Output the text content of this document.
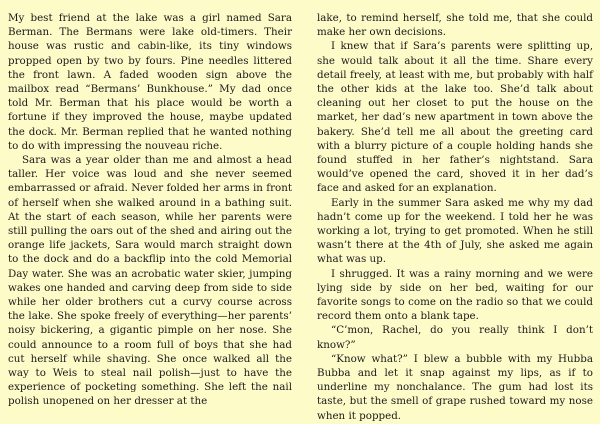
My best friend at the lake was a girl named Sara Berman. The Bermans were lake old-timers. Their house was rustic and cabin-like, its tiny windows propped open by two by fours. Pine needles littered the front lawn. A faded wooden sign above the mailbox read “Bermans’ Bunkhouse.” My dad once told Mr. Berman that his place would be worth a fortune if they improved the house, maybe updated the dock. Mr. Berman replied that he wanted nothing to do with impressing the nouveau riche.

Sara was a year older than me and almost a head taller. Her voice was loud and she never seemed embarrassed or afraid. Never folded her arms in front of herself when she walked around in a bathing suit. At the start of each season, while her parents were still pulling the oars out of the shed and airing out the orange life jackets, Sara would march straight down to the dock and do a backflip into the cold Memorial Day water. She was an acrobatic water skier, jumping wakes one handed and carving deep from side to side while her older brothers cut a curvy course across the lake. She spoke freely of everything—her parents’ noisy bickering, a gigantic pimple on her nose. She could announce to a room full of boys that she had cut herself while shaving. She once walked all the way to Weis to steal nail polish—just to have the experience of pocketing something. She left the nail polish unopened on her dresser at the

lake, to remind herself, she told me, that she could make her own decisions.

I knew that if Sara’s parents were splitting up, she would talk about it all the time. Share every detail freely, at least with me, but probably with half the other kids at the lake too. She’d talk about cleaning out her closet to put the house on the market, her dad’s new apartment in town above the bakery. She’d tell me all about the greeting card with a blurry picture of a couple holding hands she found stuffed in her father’s nightstand. Sara would’ve opened the card, shoved it in her dad’s face and asked for an explanation.

Early in the summer Sara asked me why my dad hadn’t come up for the weekend. I told her he was working a lot, trying to get promoted. When he still wasn’t there at the 4th of July, she asked me again what was up.

I shrugged. It was a rainy morning and we were lying side by side on her bed, waiting for our favorite songs to come on the radio so that we could record them onto a blank tape.

“C’mon, Rachel, do you really think I don’t know?”

“Know what?” I blew a bubble with my Hubba Bubba and let it snap against my lips, as if to underline my nonchalance. The gum had lost its taste, but the smell of grape rushed toward my nose when it popped.
